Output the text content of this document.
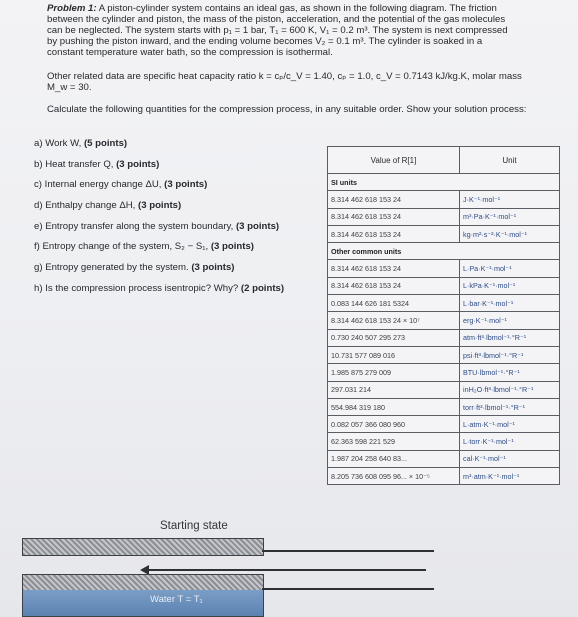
Problem 1: A piston-cylinder system contains an ideal gas, as shown in the following diagram. The friction between the cylinder and piston, the mass of the piston, acceleration, and the potential of the gas molecules can be neglected. The system starts with p₁ = 1 bar, T₁ = 600 K, V₁ = 0.2 m³. The system is next compressed by pushing the piston inward, and the ending volume becomes V₂ = 0.1 m³. The cylinder is soaked in a constant temperature water bath, so the compression is isothermal.
Other related data are specific heat capacity ratio k = cₚ/c_V = 1.40, cₚ = 1.0, c_V = 0.7143 kJ/kg.K, molar mass M_w = 30.
Calculate the following quantities for the compression process, in any suitable order. Show your solution process:
a) Work W, (5 points)
b) Heat transfer Q, (3 points)
c) Internal energy change ΔU, (3 points)
d) Enthalpy change ΔH, (3 points)
e) Entropy transfer along the system boundary, (3 points)
f) Entropy change of the system, S₂ − S₁, (3 points)
g) Entropy generated by the system. (3 points)
h) Is the compression process isentropic? Why? (2 points)
Value of R[1]	Unit
SI units	
8.314 462 618 153 24	J·K⁻¹·mol⁻¹
8.314 462 618 153 24	m³·Pa·K⁻¹·mol⁻¹
8.314 462 618 153 24	kg·m²·s⁻²·K⁻¹·mol⁻¹
Other common units	
8.314 462 618 153 24	L·Pa·K⁻¹·mol⁻¹
8.314 462 618 153 24	L·kPa·K⁻¹·mol⁻¹
0.083 144 626 181 5324	L·bar·K⁻¹·mol⁻¹
8.314 462 618 153 24 × 10⁷	erg·K⁻¹·mol⁻¹
0.730 240 507 295 273	atm·ft³·lbmol⁻¹·°R⁻¹
10.731 577 089 016	psi·ft³·lbmol⁻¹·°R⁻¹
1.985 875 279 009	BTU·lbmol⁻¹·°R⁻¹
297.031 214	inH₂O·ft³·lbmol⁻¹·°R⁻¹
554.984 319 180	torr·ft³·lbmol⁻¹·°R⁻¹
0.082 057 366 080 960	L·atm·K⁻¹·mol⁻¹
62.363 598 221 529	L·torr·K⁻¹·mol⁻¹
1.987 204 258 640 83...	cal·K⁻¹·mol⁻¹
8.205 736 608 095 96... × 10⁻⁵	m³·atm·K⁻¹·mol⁻¹
Starting state
Water T = T₁
